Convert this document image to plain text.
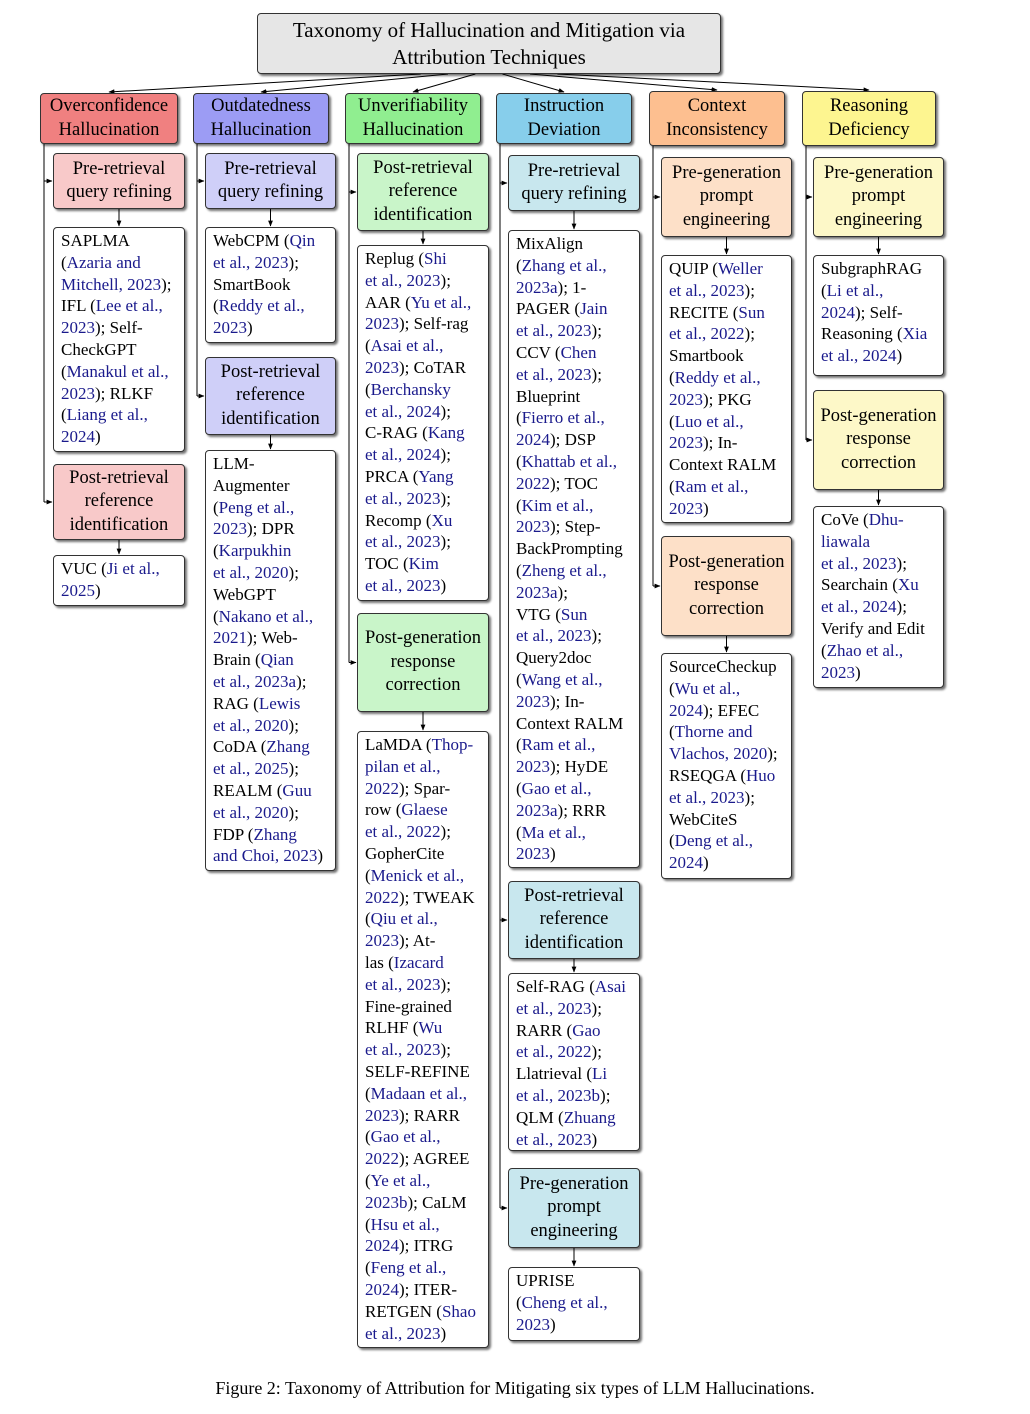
Taxonomy of Hallucination and Mitigation via Attribution Techniques
Overconfidence Hallucination
Pre-retrieval query refining
SAPLMA
(Azaria and
Mitchell, 2023);
IFL (Lee et al.,
2023); Self-
CheckGPT
(Manakul et al.,
2023); RLKF
(Liang et al.,
2024)
Post-retrieval reference identification
VUC (Ji et al.,
2025)
Outdatedness Hallucination
Pre-retrieval query refining
WebCPM (Qin
et al., 2023);
SmartBook
(Reddy et al.,
2023)
Post-retrieval reference identification
LLM-
Augmenter
(Peng et al.,
2023); DPR
(Karpukhin
et al., 2020);
WebGPT
(Nakano et al.,
2021); Web-
Brain (Qian
et al., 2023a);
RAG (Lewis
et al., 2020);
CoDA (Zhang
et al., 2025);
REALM (Guu
et al., 2020);
FDP (Zhang
and Choi, 2023)
Unverifiability Hallucination
Post-retrieval reference identification
Replug (Shi
et al., 2023);
AAR (Yu et al.,
2023); Self-rag
(Asai et al.,
2023); CoTAR
(Berchansky
et al., 2024);
C-RAG (Kang
et al., 2024);
PRCA (Yang
et al., 2023);
Recomp (Xu
et al., 2023);
TOC (Kim
et al., 2023)
Post-generation response correction
LaMDA (Thop-
pilan et al.,
2022); Spar-
row (Glaese
et al., 2022);
GopherCite
(Menick et al.,
2022); TWEAK
(Qiu et al.,
2023); At-
las (Izacard
et al., 2023);
Fine-grained
RLHF (Wu
et al., 2023);
SELF-REFINE
(Madaan et al.,
2023); RARR
(Gao et al.,
2022); AGREE
(Ye et al.,
2023b); CaLM
(Hsu et al.,
2024); ITRG
(Feng et al.,
2024); ITER-
RETGEN (Shao
et al., 2023)
Instruction Deviation
Pre-retrieval query refining
MixAlign
(Zhang et al.,
2023a); 1-
PAGER (Jain
et al., 2023);
CCV (Chen
et al., 2023);
Blueprint
(Fierro et al.,
2024); DSP
(Khattab et al.,
2022); TOC
(Kim et al.,
2023); Step-
BackPrompting
(Zheng et al.,
2023a);
VTG (Sun
et al., 2023);
Query2doc
(Wang et al.,
2023); In-
Context RALM
(Ram et al.,
2023); HyDE
(Gao et al.,
2023a); RRR
(Ma et al.,
2023)
Post-retrieval reference identification
Self-RAG (Asai
et al., 2023);
RARR (Gao
et al., 2022);
Llatrieval (Li
et al., 2023b);
QLM (Zhuang
et al., 2023)
Pre-generation prompt engineering
UPRISE
(Cheng et al.,
2023)
Context Inconsistency
Pre-generation prompt engineering
QUIP (Weller
et al., 2023);
RECITE (Sun
et al., 2022);
Smartbook
(Reddy et al.,
2023); PKG
(Luo et al.,
2023); In-
Context RALM
(Ram et al.,
2023)
Post-generation response correction
SourceCheckup
(Wu et al.,
2024); EFEC
(Thorne and
Vlachos, 2020);
RSEQGA (Huo
et al., 2023);
WebCiteS
(Deng et al.,
2024)
Reasoning Deficiency
Pre-generation prompt engineering
SubgraphRAG
(Li et al.,
2024); Self-
Reasoning (Xia
et al., 2024)
Post-generation response correction
CoVe (Dhu-
liawala
et al., 2023);
Searchain (Xu
et al., 2024);
Verify and Edit
(Zhao et al.,
2023)
Figure 2: Taxonomy of Attribution for Mitigating six types of LLM Hallucinations.
